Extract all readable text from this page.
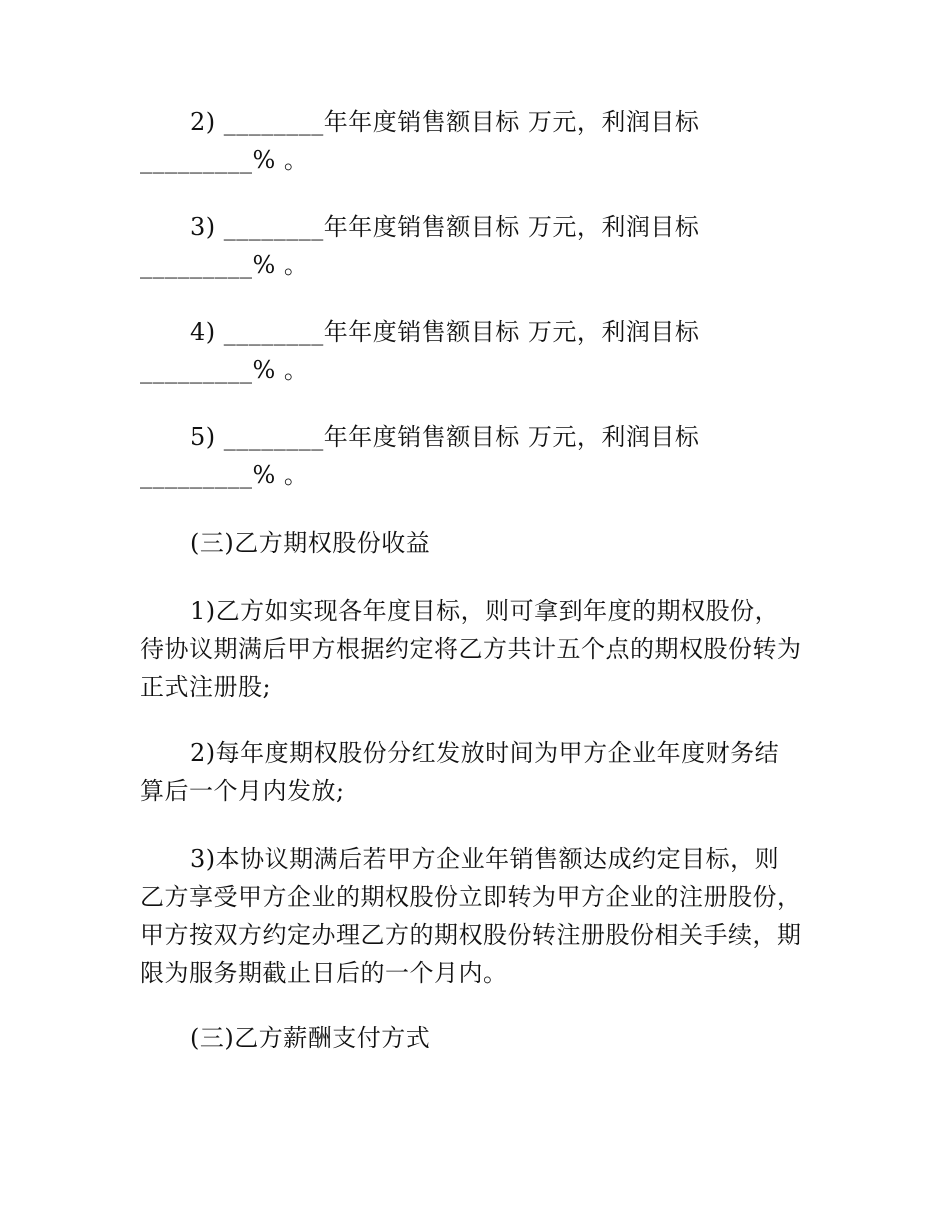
2) ________年年度销售额目标 万元，利润目标
_________% 。
3) ________年年度销售额目标 万元，利润目标
_________% 。
4) ________年年度销售额目标 万元，利润目标
_________% 。
5) ________年年度销售额目标 万元，利润目标
_________% 。
(三)乙方期权股份收益
1)乙方如实现各年度目标，则可拿到年度的期权股份，
待协议期满后甲方根据约定将乙方共计五个点的期权股份转为
正式注册股;
2)每年度期权股份分红发放时间为甲方企业年度财务结
算后一个月内发放;
3)本协议期满后若甲方企业年销售额达成约定目标，则
乙方享受甲方企业的期权股份立即转为甲方企业的注册股份，
甲方按双方约定办理乙方的期权股份转注册股份相关手续，期
限为服务期截止日后的一个月内。
(三)乙方薪酬支付方式
